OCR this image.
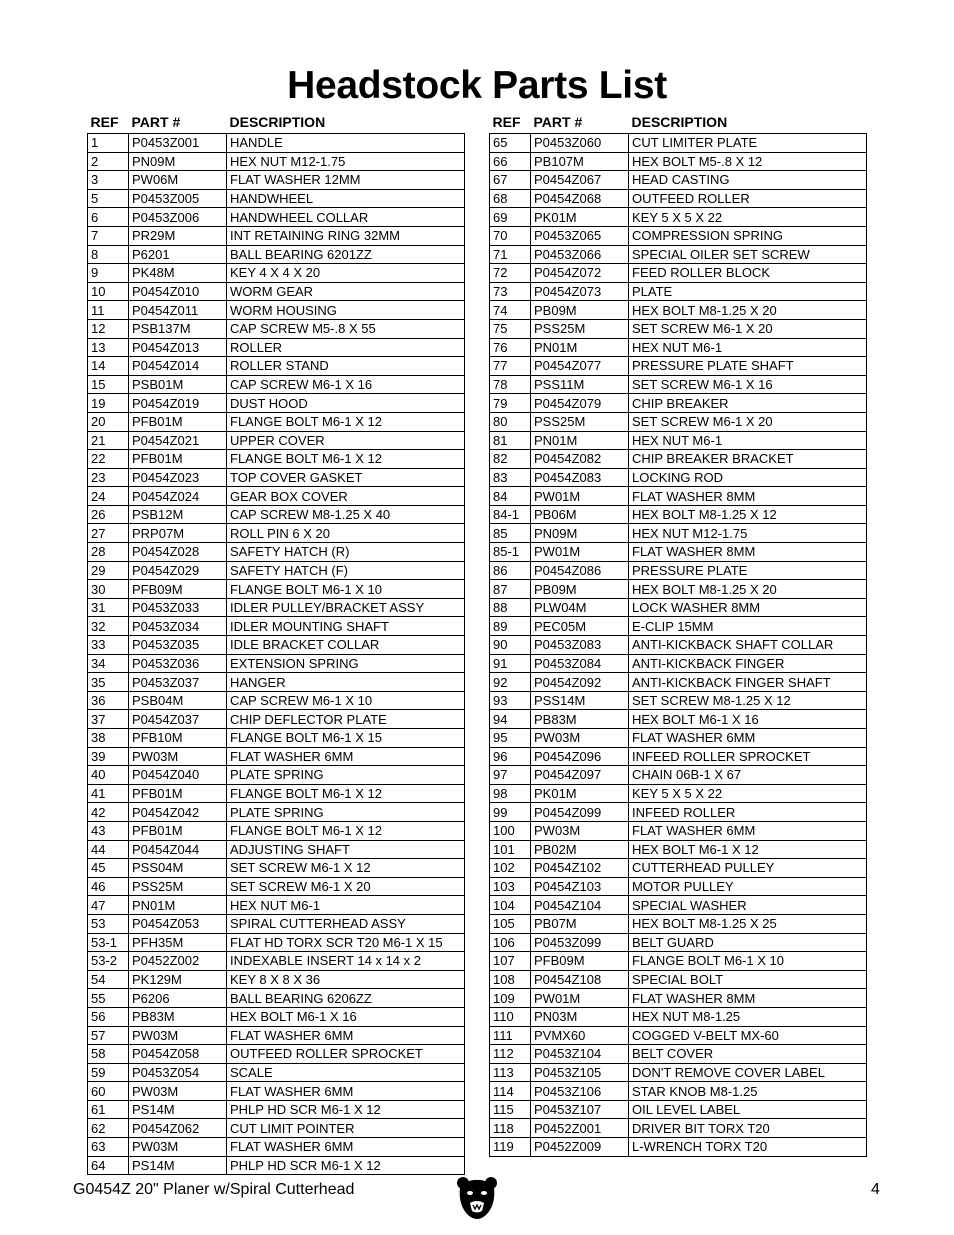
Headstock Parts List
REF	PART #	DESCRIPTION
1	P0453Z001	HANDLE
2	PN09M	HEX NUT M12-1.75
3	PW06M	FLAT WASHER 12MM
5	P0453Z005	HANDWHEEL
6	P0453Z006	HANDWHEEL COLLAR
7	PR29M	INT RETAINING RING 32MM
8	P6201	BALL BEARING 6201ZZ
9	PK48M	KEY 4 X 4 X 20
10	P0454Z010	WORM GEAR
11	P0454Z011	WORM HOUSING
12	PSB137M	CAP SCREW M5-.8 X 55
13	P0454Z013	ROLLER
14	P0454Z014	ROLLER STAND
15	PSB01M	CAP SCREW M6-1 X 16
19	P0454Z019	DUST HOOD
20	PFB01M	FLANGE BOLT M6-1 X 12
21	P0454Z021	UPPER COVER
22	PFB01M	FLANGE BOLT M6-1 X 12
23	P0454Z023	TOP COVER GASKET
24	P0454Z024	GEAR BOX COVER
26	PSB12M	CAP SCREW M8-1.25 X 40
27	PRP07M	ROLL PIN 6 X 20
28	P0454Z028	SAFETY HATCH (R)
29	P0454Z029	SAFETY HATCH (F)
30	PFB09M	FLANGE BOLT M6-1 X 10
31	P0453Z033	IDLER PULLEY/BRACKET ASSY
32	P0453Z034	IDLER MOUNTING SHAFT
33	P0453Z035	IDLE BRACKET COLLAR
34	P0453Z036	EXTENSION SPRING
35	P0453Z037	HANGER
36	PSB04M	CAP SCREW M6-1 X 10
37	P0454Z037	CHIP DEFLECTOR PLATE
38	PFB10M	FLANGE BOLT M6-1 X 15
39	PW03M	FLAT WASHER 6MM
40	P0454Z040	PLATE SPRING
41	PFB01M	FLANGE BOLT M6-1 X 12
42	P0454Z042	PLATE SPRING
43	PFB01M	FLANGE BOLT M6-1 X 12
44	P0454Z044	ADJUSTING SHAFT
45	PSS04M	SET SCREW M6-1 X 12
46	PSS25M	SET SCREW M6-1 X 20
47	PN01M	HEX NUT M6-1
53	P0454Z053	SPIRAL CUTTERHEAD ASSY
53-1	PFH35M	FLAT HD TORX SCR T20 M6-1 X 15
53-2	P0452Z002	INDEXABLE INSERT 14 x 14 x 2
54	PK129M	KEY 8 X 8 X 36
55	P6206	BALL BEARING 6206ZZ
56	PB83M	HEX BOLT M6-1 X 16
57	PW03M	FLAT WASHER 6MM
58	P0454Z058	OUTFEED ROLLER SPROCKET
59	P0453Z054	SCALE
60	PW03M	FLAT WASHER 6MM
61	PS14M	PHLP HD SCR M6-1 X 12
62	P0454Z062	CUT LIMIT POINTER
63	PW03M	FLAT WASHER 6MM
64	PS14M	PHLP HD SCR M6-1 X 12
REF	PART #	DESCRIPTION
65	P0453Z060	CUT LIMITER PLATE
66	PB107M	HEX BOLT M5-.8 X 12
67	P0454Z067	HEAD CASTING
68	P0454Z068	OUTFEED ROLLER
69	PK01M	KEY 5 X 5 X 22
70	P0453Z065	COMPRESSION SPRING
71	P0453Z066	SPECIAL OILER SET SCREW
72	P0454Z072	FEED ROLLER BLOCK
73	P0454Z073	PLATE
74	PB09M	HEX BOLT M8-1.25 X 20
75	PSS25M	SET SCREW M6-1 X 20
76	PN01M	HEX NUT M6-1
77	P0454Z077	PRESSURE PLATE SHAFT
78	PSS11M	SET SCREW M6-1 X 16
79	P0454Z079	CHIP BREAKER
80	PSS25M	SET SCREW M6-1 X 20
81	PN01M	HEX NUT M6-1
82	P0454Z082	CHIP BREAKER BRACKET
83	P0454Z083	LOCKING ROD
84	PW01M	FLAT WASHER 8MM
84-1	PB06M	HEX BOLT M8-1.25 X 12
85	PN09M	HEX NUT M12-1.75
85-1	PW01M	FLAT WASHER 8MM
86	P0454Z086	PRESSURE PLATE
87	PB09M	HEX BOLT M8-1.25 X 20
88	PLW04M	LOCK WASHER 8MM
89	PEC05M	E-CLIP 15MM
90	P0453Z083	ANTI-KICKBACK SHAFT COLLAR
91	P0453Z084	ANTI-KICKBACK FINGER
92	P0454Z092	ANTI-KICKBACK FINGER SHAFT
93	PSS14M	SET SCREW M8-1.25 X 12
94	PB83M	HEX BOLT M6-1 X 16
95	PW03M	FLAT WASHER 6MM
96	P0454Z096	INFEED ROLLER SPROCKET
97	P0454Z097	CHAIN 06B-1 X 67
98	PK01M	KEY 5 X 5 X 22
99	P0454Z099	INFEED ROLLER
100	PW03M	FLAT WASHER 6MM
101	PB02M	HEX BOLT M6-1 X 12
102	P0454Z102	CUTTERHEAD PULLEY
103	P0454Z103	MOTOR PULLEY
104	P0454Z104	SPECIAL WASHER
105	PB07M	HEX BOLT M8-1.25 X 25
106	P0453Z099	BELT GUARD
107	PFB09M	FLANGE BOLT M6-1 X 10
108	P0454Z108	SPECIAL BOLT
109	PW01M	FLAT WASHER 8MM
110	PN03M	HEX NUT M8-1.25
111	PVMX60	COGGED V-BELT MX-60
112	P0453Z104	BELT COVER
113	P0453Z105	DON'T REMOVE COVER LABEL
114	P0453Z106	STAR KNOB M8-1.25
115	P0453Z107	OIL LEVEL LABEL
118	P0452Z001	DRIVER BIT TORX T20
119	P0452Z009	L-WRENCH TORX T20
G0454Z 20" Planer w/Spiral Cutterhead	4
